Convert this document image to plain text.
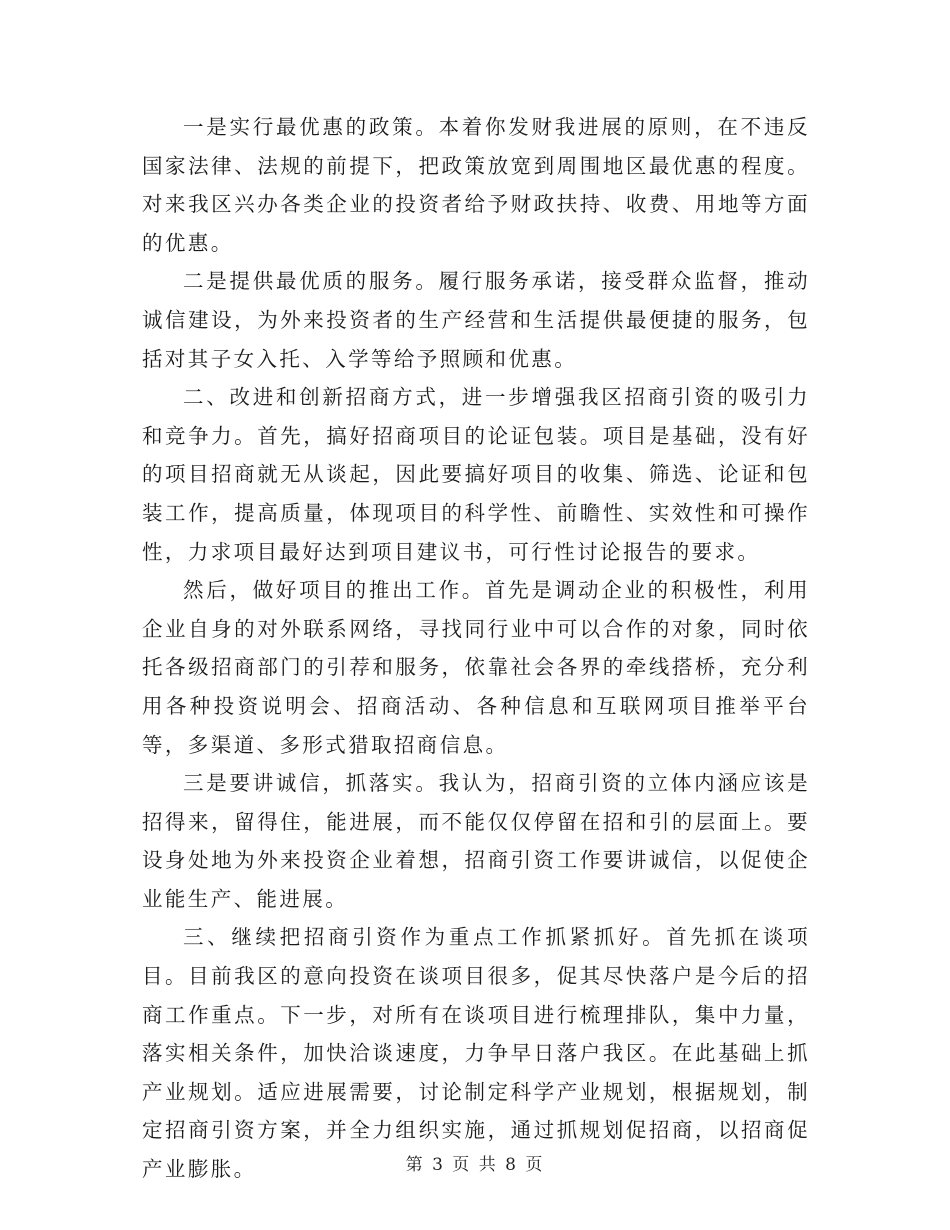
一是实行最优惠的政策。本着你发财我进展的原则，在不违反国家法律、法规的前提下，把政策放宽到周围地区最优惠的程度。对来我区兴办各类企业的投资者给予财政扶持、收费、用地等方面的优惠。

二是提供最优质的服务。履行服务承诺，接受群众监督，推动诚信建设，为外来投资者的生产经营和生活提供最便捷的服务，包括对其子女入托、入学等给予照顾和优惠。

二、改进和创新招商方式，进一步增强我区招商引资的吸引力和竞争力。首先，搞好招商项目的论证包装。项目是基础，没有好的项目招商就无从谈起，因此要搞好项目的收集、筛选、论证和包装工作，提高质量，体现项目的科学性、前瞻性、实效性和可操作性，力求项目最好达到项目建议书，可行性讨论报告的要求。

然后，做好项目的推出工作。首先是调动企业的积极性，利用企业自身的对外联系网络，寻找同行业中可以合作的对象，同时依托各级招商部门的引荐和服务，依靠社会各界的牵线搭桥，充分利用各种投资说明会、招商活动、各种信息和互联网项目推举平台等，多渠道、多形式猎取招商信息。

三是要讲诚信，抓落实。我认为，招商引资的立体内涵应该是招得来，留得住，能进展，而不能仅仅停留在招和引的层面上。要设身处地为外来投资企业着想，招商引资工作要讲诚信，以促使企业能生产、能进展。

三、继续把招商引资作为重点工作抓紧抓好。首先抓在谈项目。目前我区的意向投资在谈项目很多，促其尽快落户是今后的招商工作重点。下一步，对所有在谈项目进行梳理排队，集中力量，落实相关条件，加快洽谈速度，力争早日落户我区。在此基础上抓产业规划。适应进展需要，讨论制定科学产业规划，根据规划，制定招商引资方案，并全力组织实施，通过抓规划促招商，以招商促产业膨胀。	第 3 页 共 8 页
